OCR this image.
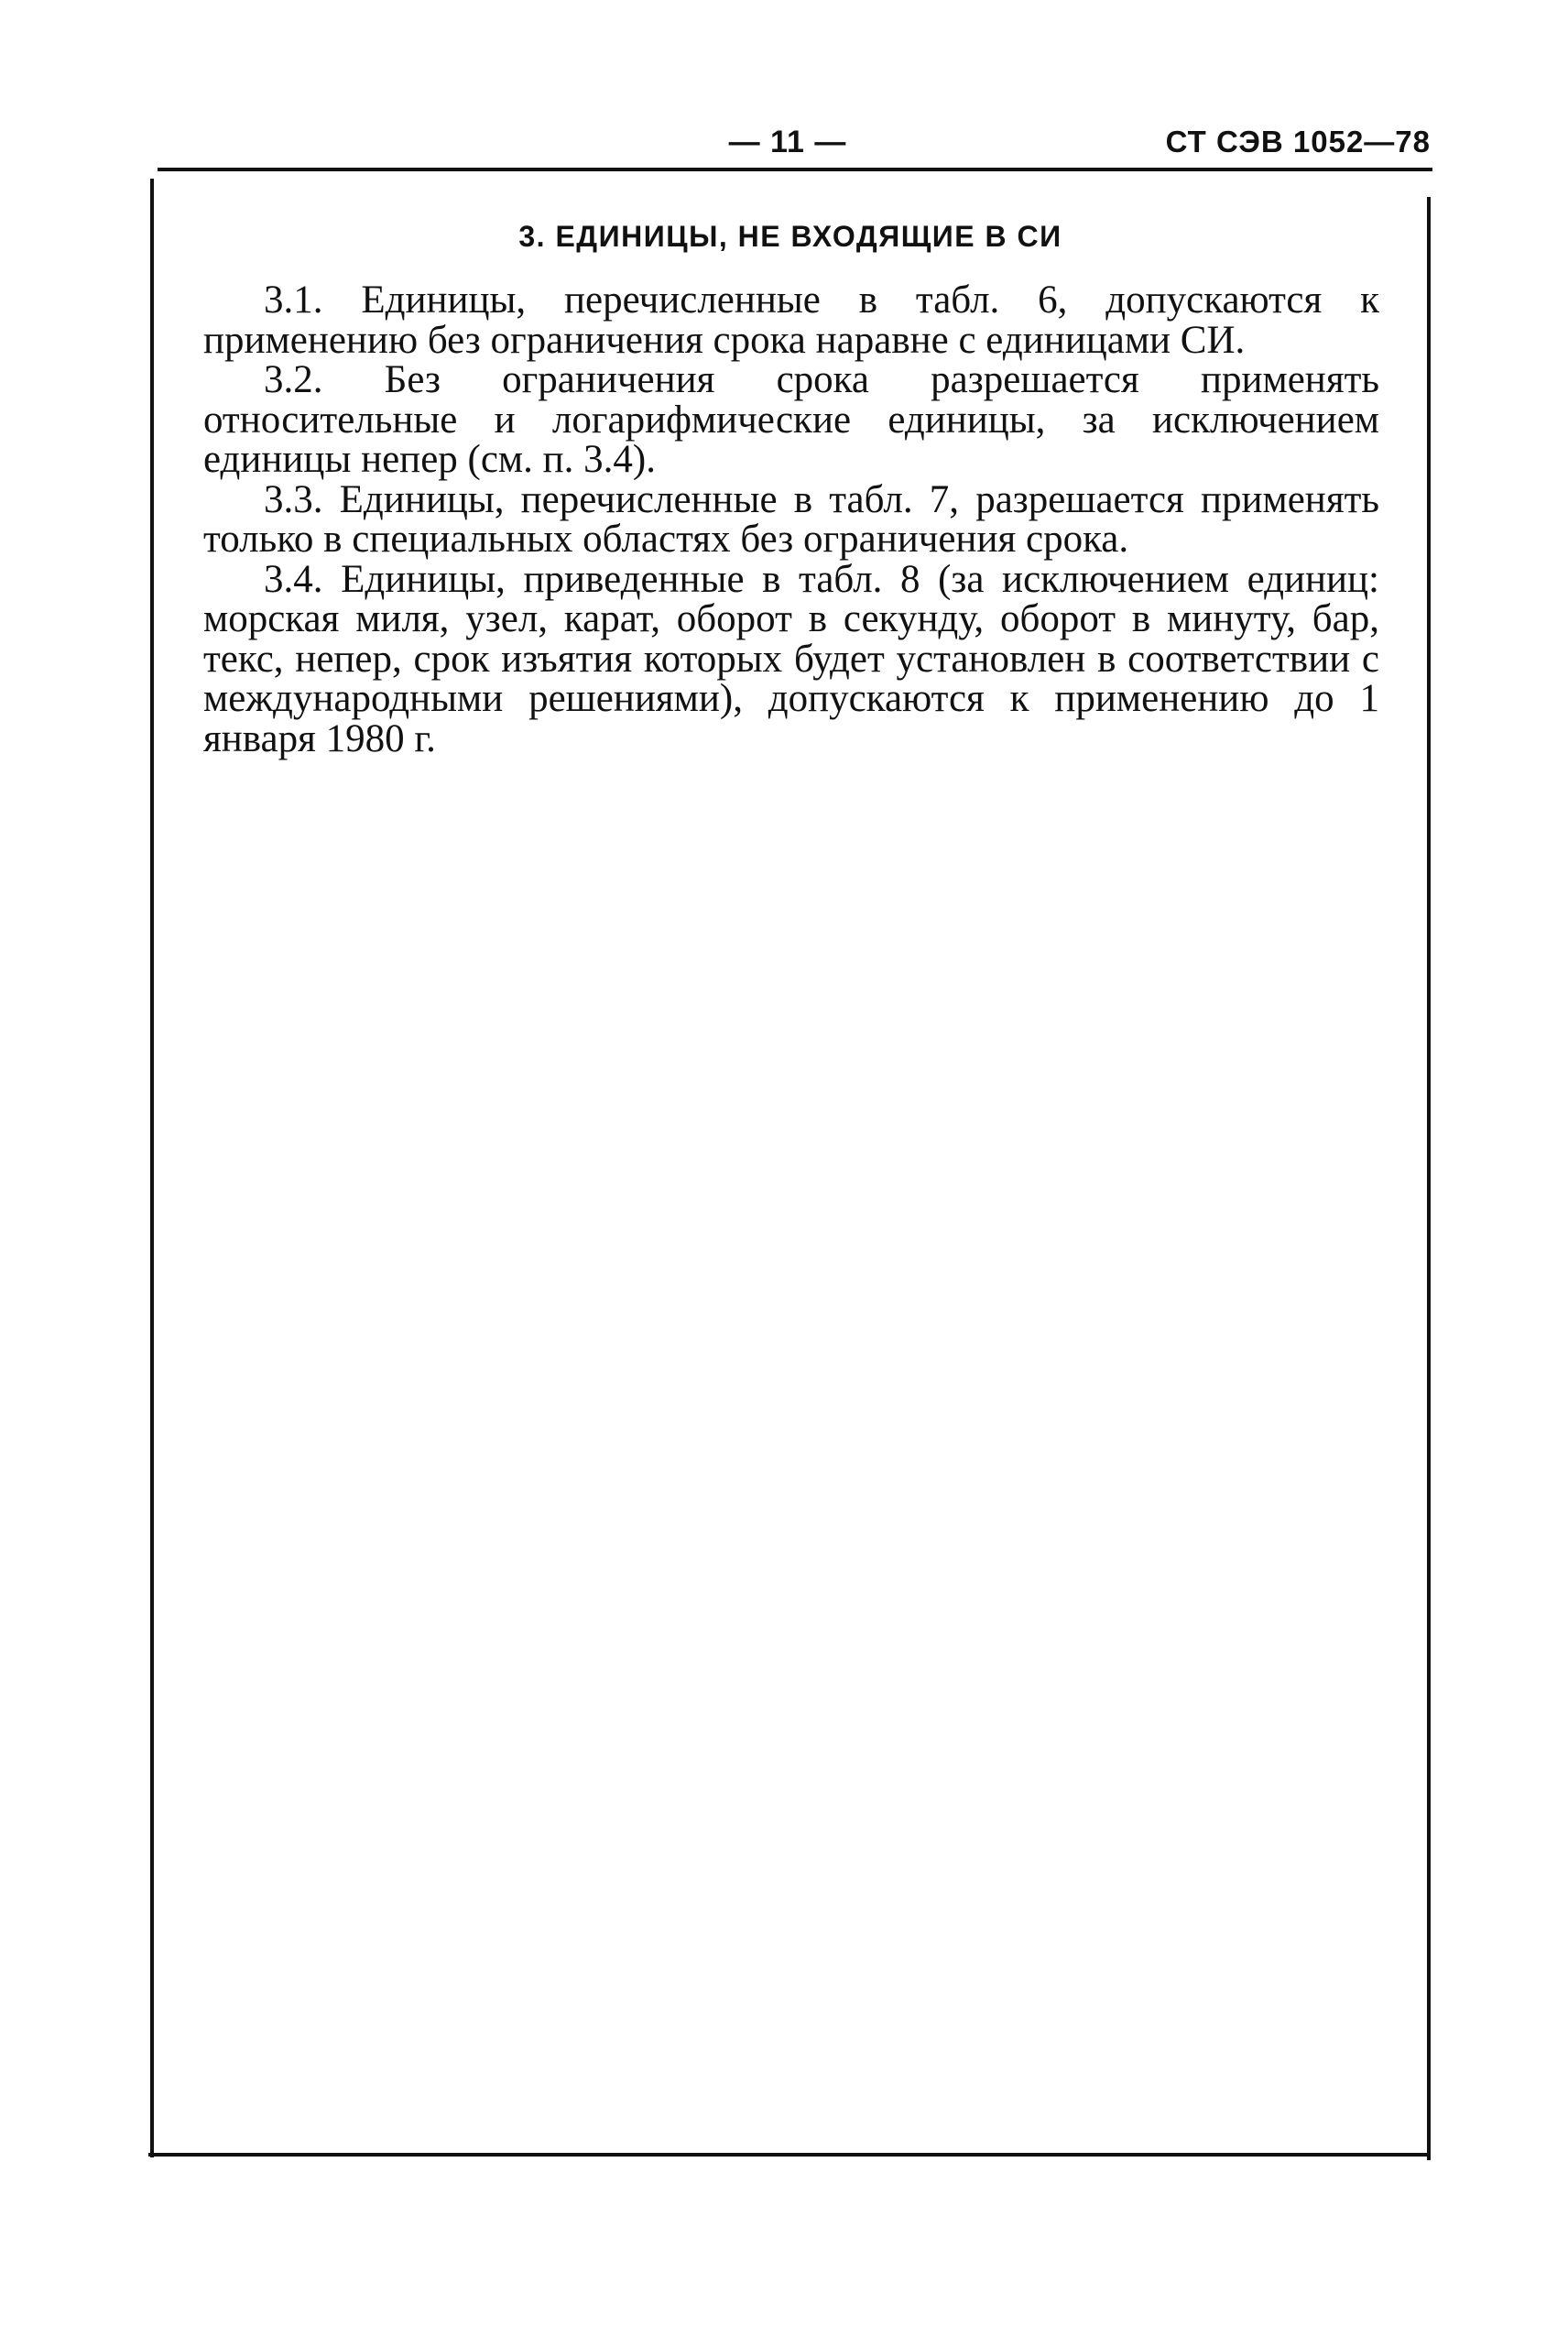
— 11 —	СТ СЭВ 1052—78
3. ЕДИНИЦЫ, НЕ ВХОДЯЩИЕ В СИ

3.1. Единицы, перечисленные в табл. 6, допускаются к применению без ограничения срока наравне с единицами СИ.

3.2. Без ограничения срока разрешается применять относительные и логарифмические единицы, за исключением единицы непер (см. п. 3.4).

3.3. Единицы, перечисленные в табл. 7, разрешается применять только в специальных областях без ограничения срока.

3.4. Единицы, приведенные в табл. 8 (за исключением единиц: морская миля, узел, карат, оборот в секунду, оборот в минуту, бар, текс, непер, срок изъятия которых будет установлен в соответствии с международными решениями), допускаются к применению до 1 января 1980 г.
